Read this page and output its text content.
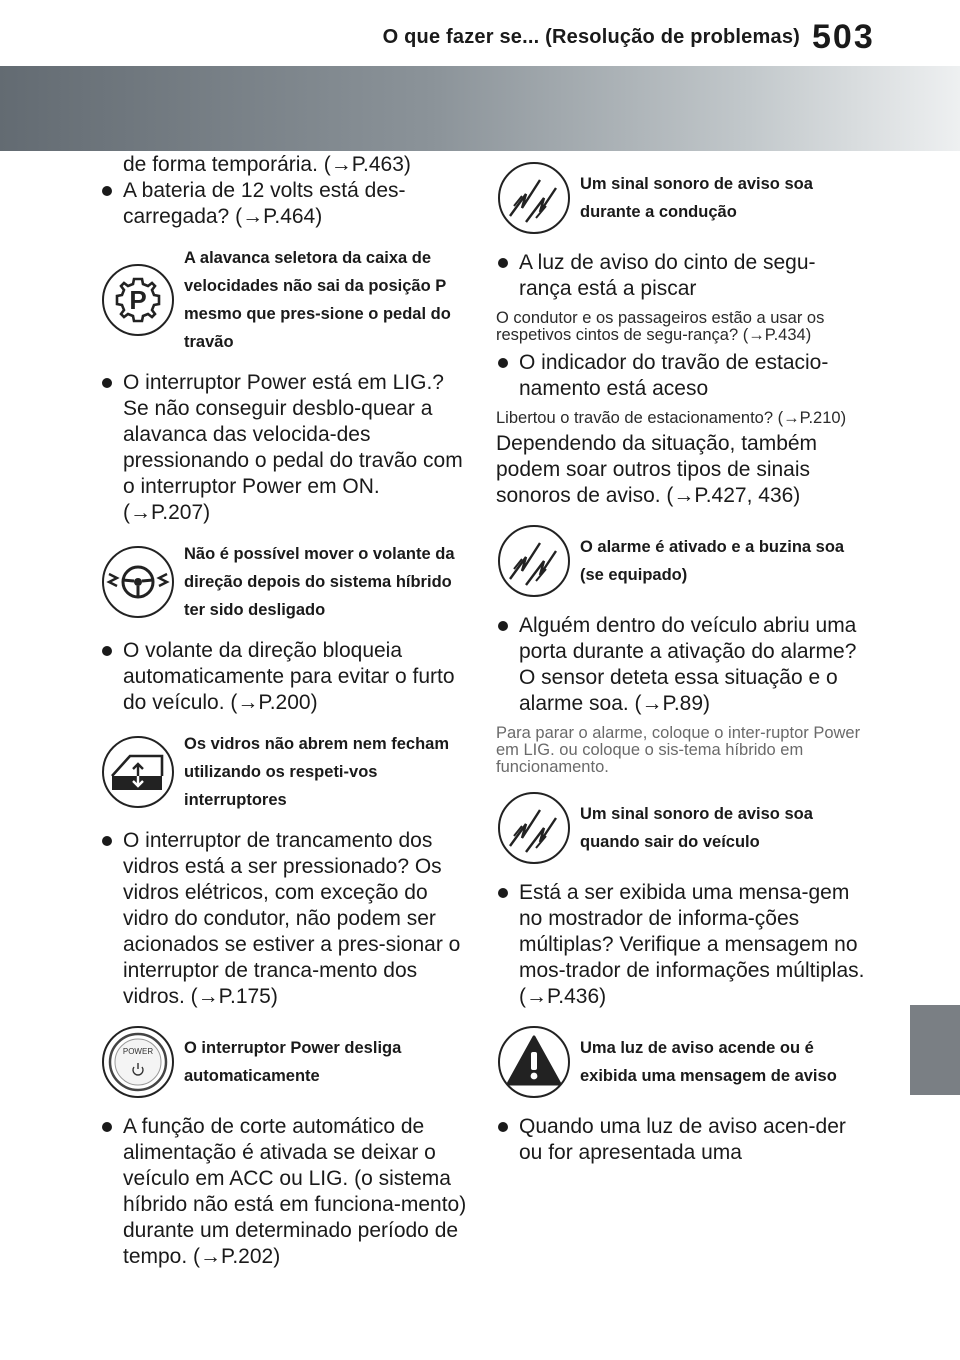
O que fazer se... (Resolução de problemas) 503
de forma temporária. (→P.463)
A bateria de 12 volts está des-carregada? (→P.464)
P
A alavanca seletora da caixa de velocidades não sai da posição P mesmo que pres-sione o pedal do travão
O interruptor Power está em LIG.? Se não conseguir desblo-quear a alavanca das velocida-des pressionando o pedal do travão com o interruptor Power em ON. (→P.207)
Não é possível mover o volante da direção depois do sistema híbrido ter sido desligado
O volante da direção bloqueia automaticamente para evitar o furto do veículo. (→P.200)
Os vidros não abrem nem fecham utilizando os respeti-vos interruptores
O interruptor de trancamento dos vidros está a ser pressionado? Os vidros elétricos, com exceção do vidro do condutor, não podem ser acionados se estiver a pres-sionar o interruptor de tranca-mento dos vidros. (→P.175)
POWER	O interruptor Power desliga automaticamente
A função de corte automático de alimentação é ativada se deixar o veículo em ACC ou LIG. (o sistema híbrido não está em funciona-mento) durante um determinado período de tempo. (→P.202)
Um sinal sonoro de aviso soa durante a condução
A luz de aviso do cinto de segu-rança está a piscar
O condutor e os passageiros estão a usar os respetivos cintos de segu-rança? (→P.434)
O indicador do travão de estacio-namento está aceso
Libertou o travão de estacionamento? (→P.210)
Dependendo da situação, também podem soar outros tipos de sinais sonoros de aviso. (→P.427, 436)
O alarme é ativado e a buzina soa (se equipado)
Alguém dentro do veículo abriu uma porta durante a ativação do alarme? O sensor deteta essa situação e o alarme soa. (→P.89)
Para parar o alarme, coloque o inter-ruptor Power em LIG. ou coloque o sis-tema híbrido em funcionamento.
Um sinal sonoro de aviso soa quando sair do veículo
Está a ser exibida uma mensa-gem no mostrador de informa-ções múltiplas? Verifique a mensagem no mos-trador de informações múltiplas. (→P.436)
Uma luz de aviso acende ou é exibida uma mensagem de aviso
Quando uma luz de aviso acen-der ou for apresentada uma
